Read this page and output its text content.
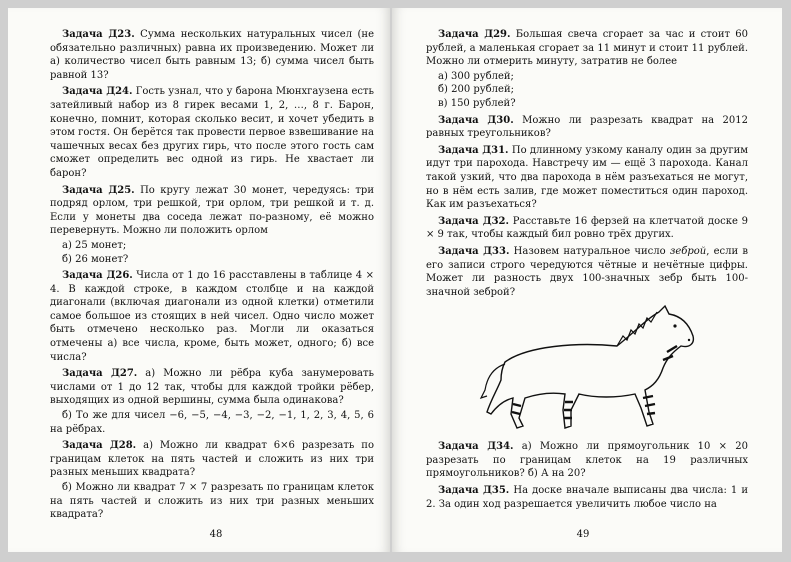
Задача Д23. Сумма нескольких натуральных чисел (не обязательно различных) равна их произведению. Может ли а) количество чисел быть равным 13; б) сумма чисел быть равной 13?

Задача Д24. Гость узнал, что у барона Мюнхгаузена есть затейливый набор из 8 гирек весами 1, 2, …, 8 г. Барон, конечно, помнит, которая сколько весит, и хочет убедить в этом гостя. Он берётся так провести первое взвешивание на чашечных весах без других гирь, что после этого гость сам сможет определить вес одной из гирь. Не хвастает ли барон?

Задача Д25. По кругу лежат 30 монет, чередуясь: три подряд орлом, три решкой, три орлом, три решкой и т. д. Если у монеты два соседа лежат по-разному, её можно перевернуть. Можно ли положить орлом

а) 25 монет;

б) 26 монет?

Задача Д26. Числа от 1 до 16 расставлены в таблице 4 × 4. В каждой строке, в каждом столбце и на каждой диагонали (включая диагонали из одной клетки) отметили самое большое из стоящих в ней чисел. Одно число может быть отмечено несколько раз. Могли ли оказаться отмечены а) все числа, кроме, быть может, одного; б) все числа?

Задача Д27. а) Можно ли рёбра куба занумеровать числами от 1 до 12 так, чтобы для каждой тройки рёбер, выходящих из одной вершины, сумма была одинакова?

б) То же для чисел −6, −5, −4, −3, −2, −1, 1, 2, 3, 4, 5, 6 на рёбрах.

Задача Д28. а) Можно ли квадрат 6×6 разрезать по границам клеток на пять частей и сложить из них три разных меньших квадрата?

б) Можно ли квадрат 7 × 7 разрезать по границам клеток на пять частей и сложить из них три разных меньших квадрата?

48

Задача Д29. Большая свеча сгорает за час и стоит 60 рублей, а маленькая сгорает за 11 минут и стоит 11 рублей. Можно ли отмерить минуту, затратив не более

а) 300 рублей;

б) 200 рублей;

в) 150 рублей?

Задача Д30. Можно ли разрезать квадрат на 2012 равных треугольников?

Задача Д31. По длинному узкому каналу один за другим идут три парохода. Навстречу им — ещё 3 парохода. Канал такой узкий, что два парохода в нём разъехаться не могут, но в нём есть залив, где может поместиться один пароход. Как им разъехаться?

Задача Д32. Расставьте 16 ферзей на клетчатой доске 9 × 9 так, чтобы каждый бил ровно трёх других.

Задача Д33. Назовем натуральное число зеброй, если в его записи строго чередуются чётные и нечётные цифры. Может ли разность двух 100-значных зебр быть 100-значной зеброй?

Задача Д34. а) Можно ли прямоугольник 10 × 20 разрезать по границам клеток на 19 различных прямоугольников? б) А на 20?

Задача Д35. На доске вначале выписаны два числа: 1 и 2. За один ход разрешается увеличить любое число на

49
